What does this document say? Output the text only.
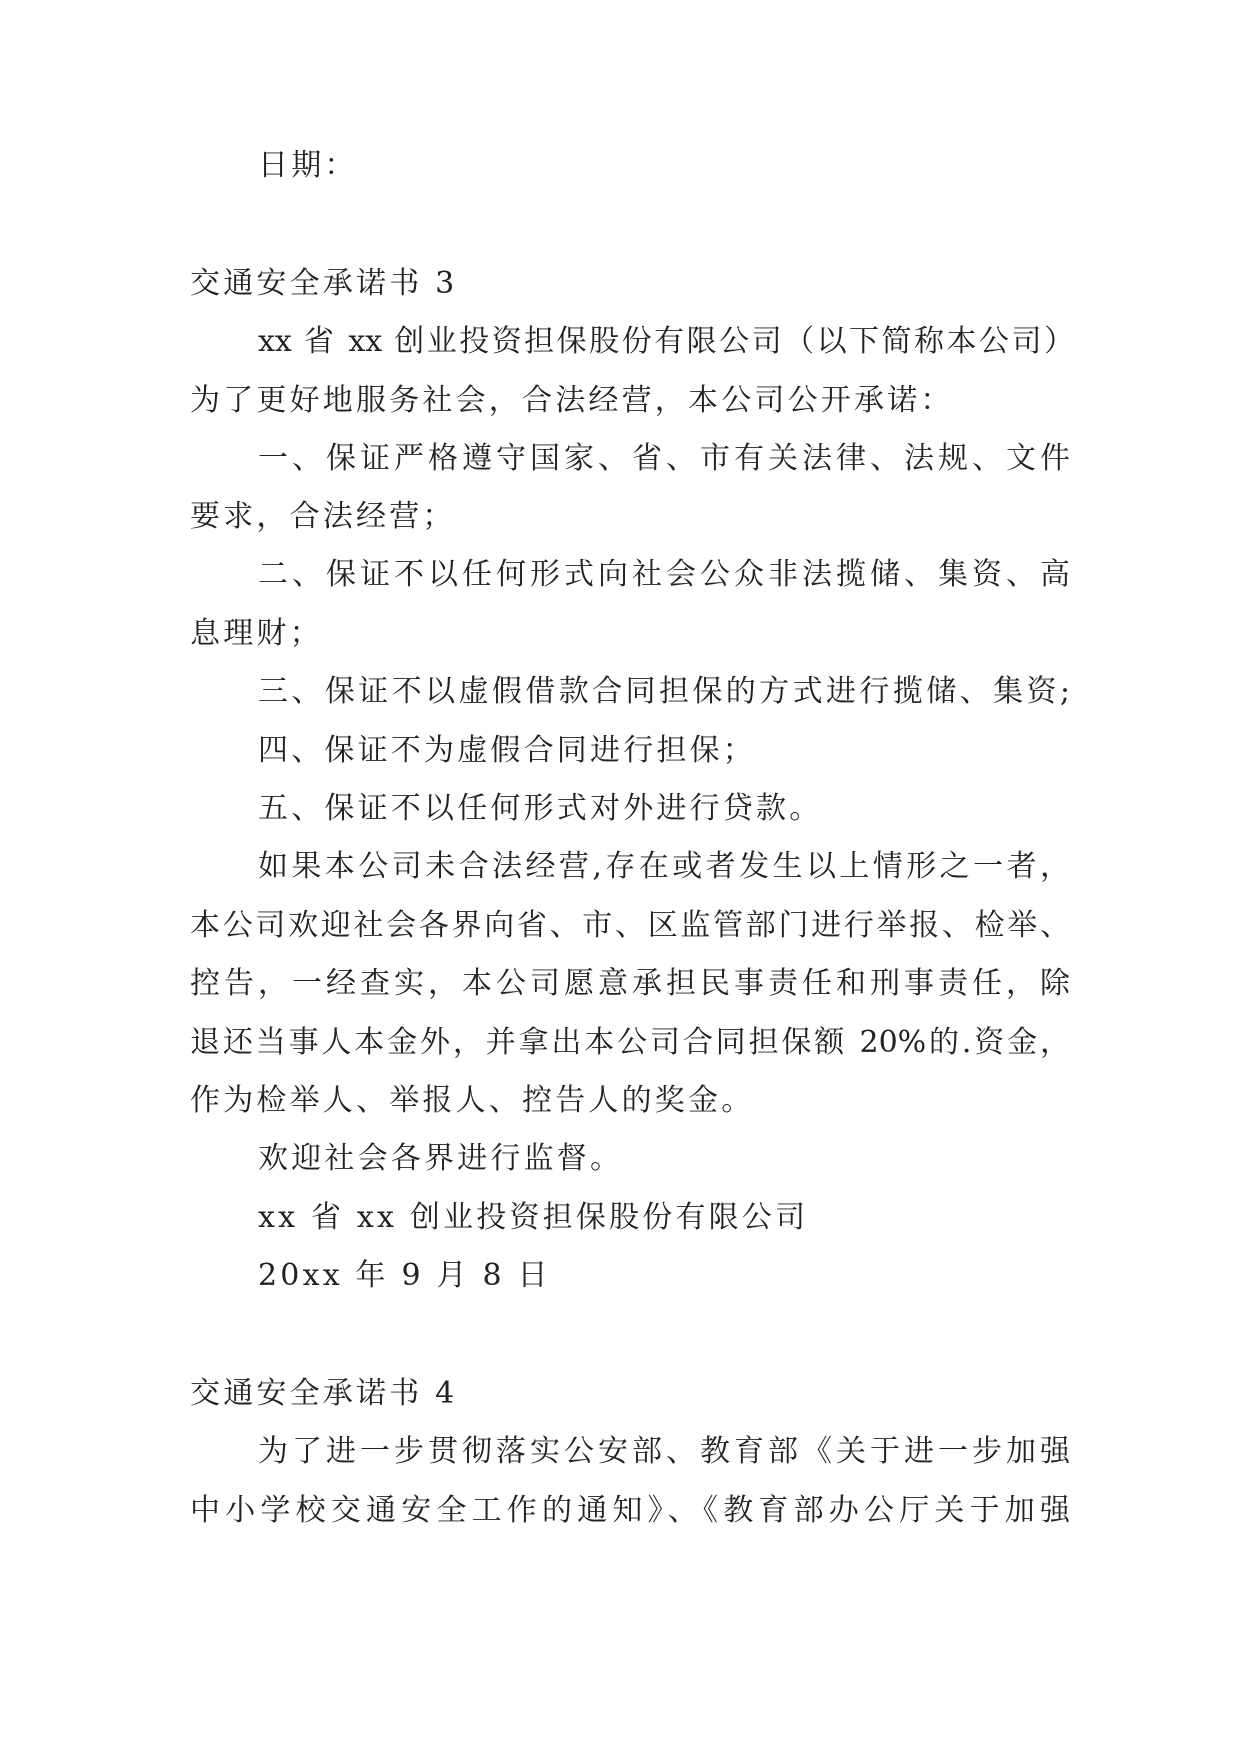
日期：
交通安全承诺书 3
xx 省 xx 创业投资担保股份有限公司（以下简称本公司）
为了更好地服务社会，合法经营，本公司公开承诺：
一、保证严格遵守国家、省、市有关法律、法规、文件
要求，合法经营；
二、保证不以任何形式向社会公众非法揽储、集资、高
息理财；
三、保证不以虚假借款合同担保的方式进行揽储、集资;
四、保证不为虚假合同进行担保；
五、保证不以任何形式对外进行贷款。
如果本公司未合法经营,存在或者发生以上情形之一者，
本公司欢迎社会各界向省、市、区监管部门进行举报、检举、
控告，一经查实，本公司愿意承担民事责任和刑事责任，除
退还当事人本金外，并拿出本公司合同担保额 20%的.资金，
作为检举人、举报人、控告人的奖金。
欢迎社会各界进行监督。
xx 省 xx 创业投资担保股份有限公司
20xx 年 9 月 8 日
交通安全承诺书 4
为了进一步贯彻落实公安部、教育部《关于进一步加强
中小学校交通安全工作的通知》、《教育部办公厅关于加强
